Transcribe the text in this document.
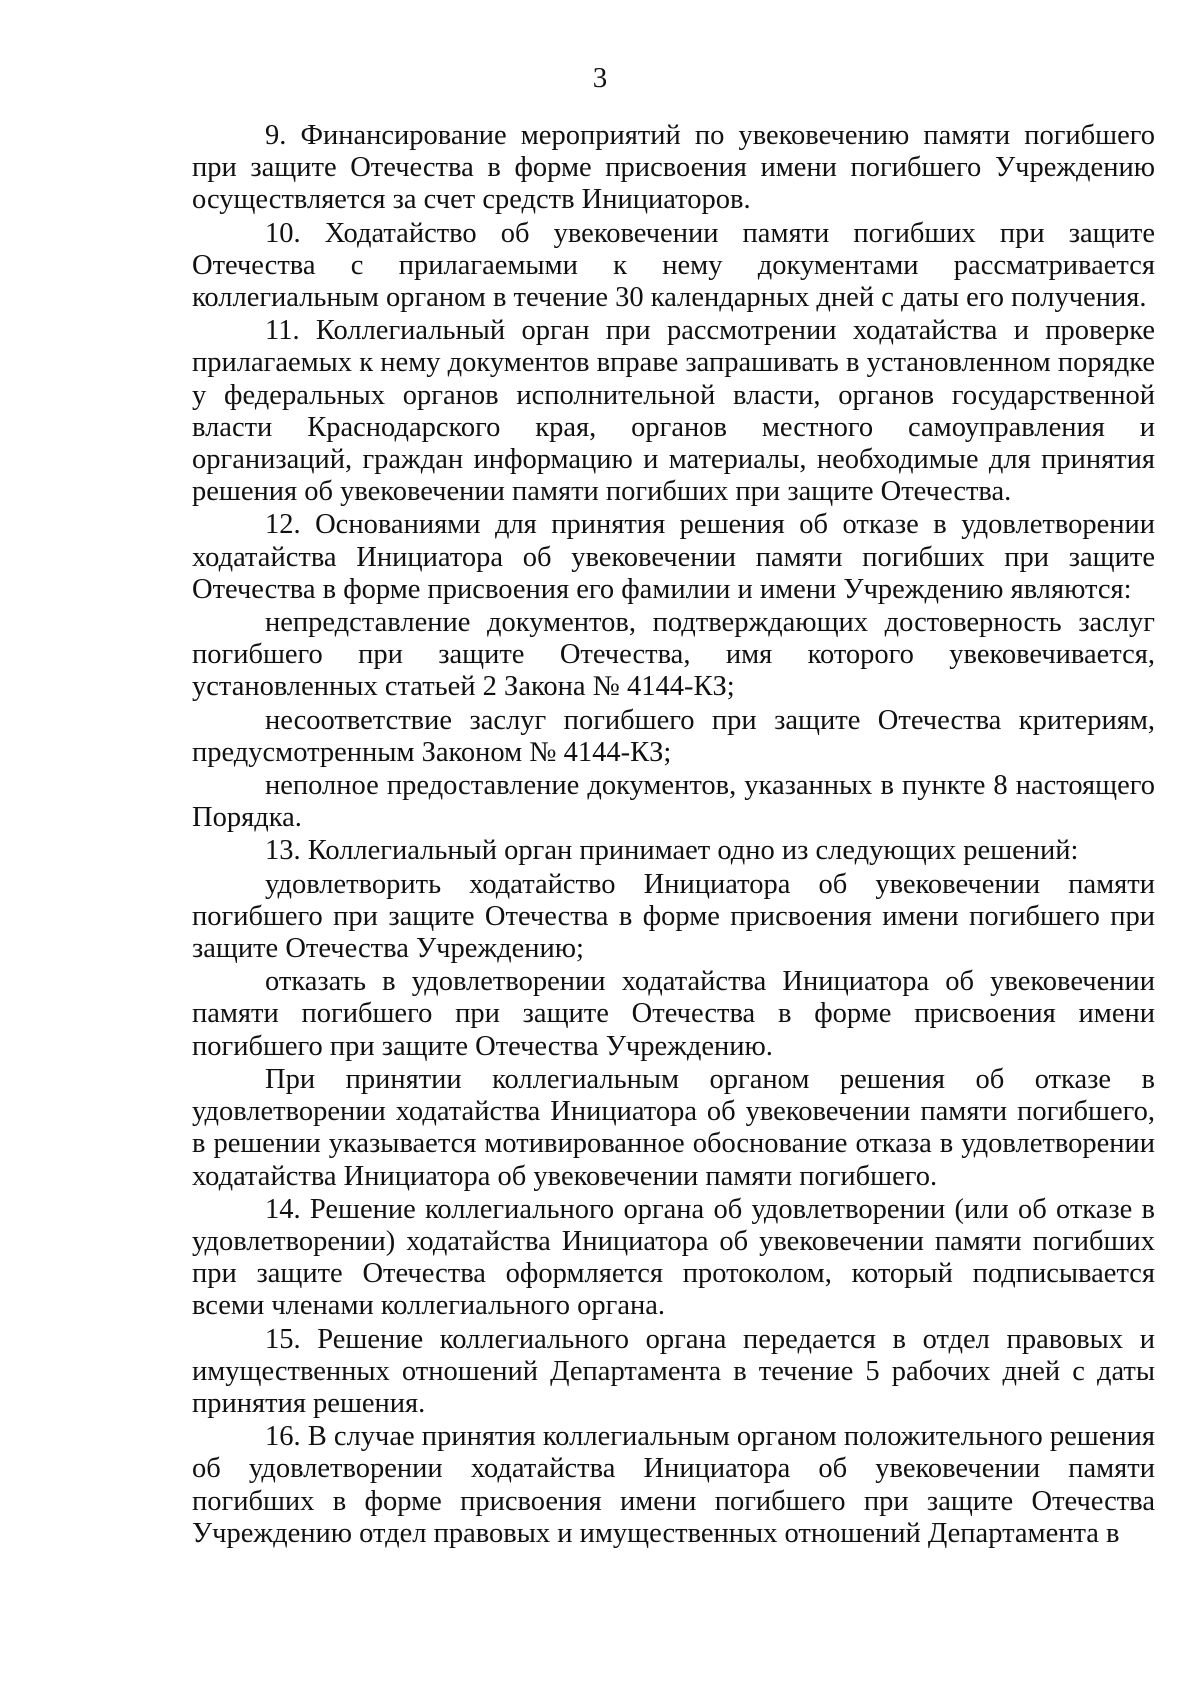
3

9. Финансирование мероприятий по увековечению памяти погибшего при защите Отечества в форме присвоения имени погибшего Учреждению осуществляется за счет средств Инициаторов.

10. Ходатайство об увековечении памяти погибших при защите Отечества с прилагаемыми к нему документами рассматривается коллегиальным органом в течение 30 календарных дней с даты его получения.

11. Коллегиальный орган при рассмотрении ходатайства и проверке прилагаемых к нему документов вправе запрашивать в установленном порядке у федеральных органов исполнительной власти, органов государственной власти Краснодарского края, органов местного самоуправления и организаций, граждан информацию и материалы, необходимые для принятия решения об увековечении памяти погибших при защите Отечества.

12. Основаниями для принятия решения об отказе в удовлетворении ходатайства Инициатора об увековечении памяти погибших при защите Отечества в форме присвоения его фамилии и имени Учреждению являются:

непредставление документов, подтверждающих достоверность заслуг погибшего при защите Отечества, имя которого увековечивается, установленных статьей 2 Закона № 4144-КЗ;

несоответствие заслуг погибшего при защите Отечества критериям, предусмотренным Законом № 4144-КЗ;

неполное предоставление документов, указанных в пункте 8 настоящего Порядка.

13. Коллегиальный орган принимает одно из следующих решений:

удовлетворить ходатайство Инициатора об увековечении памяти погибшего при защите Отечества в форме присвоения имени погибшего при защите Отечества Учреждению;

отказать в удовлетворении ходатайства Инициатора об увековечении памяти погибшего при защите Отечества в форме присвоения имени погибшего при защите Отечества Учреждению.

При принятии коллегиальным органом решения об отказе в удовлетворении ходатайства Инициатора об увековечении памяти погибшего, в решении указывается мотивированное обоснование отказа в удовлетворении ходатайства Инициатора об увековечении памяти погибшего.

14. Решение коллегиального органа об удовлетворении (или об отказе в удовлетворении) ходатайства Инициатора об увековечении памяти погибших при защите Отечества оформляется протоколом, который подписывается всеми членами коллегиального органа.

15. Решение коллегиального органа передается в отдел правовых и имущественных отношений Департамента в течение 5 рабочих дней с даты принятия решения.

16. В случае принятия коллегиальным органом положительного решения об удовлетворении ходатайства Инициатора об увековечении памяти погибших в форме присвоения имени погибшего при защите Отечества Учреждению отдел правовых и имущественных отношений Департамента в
